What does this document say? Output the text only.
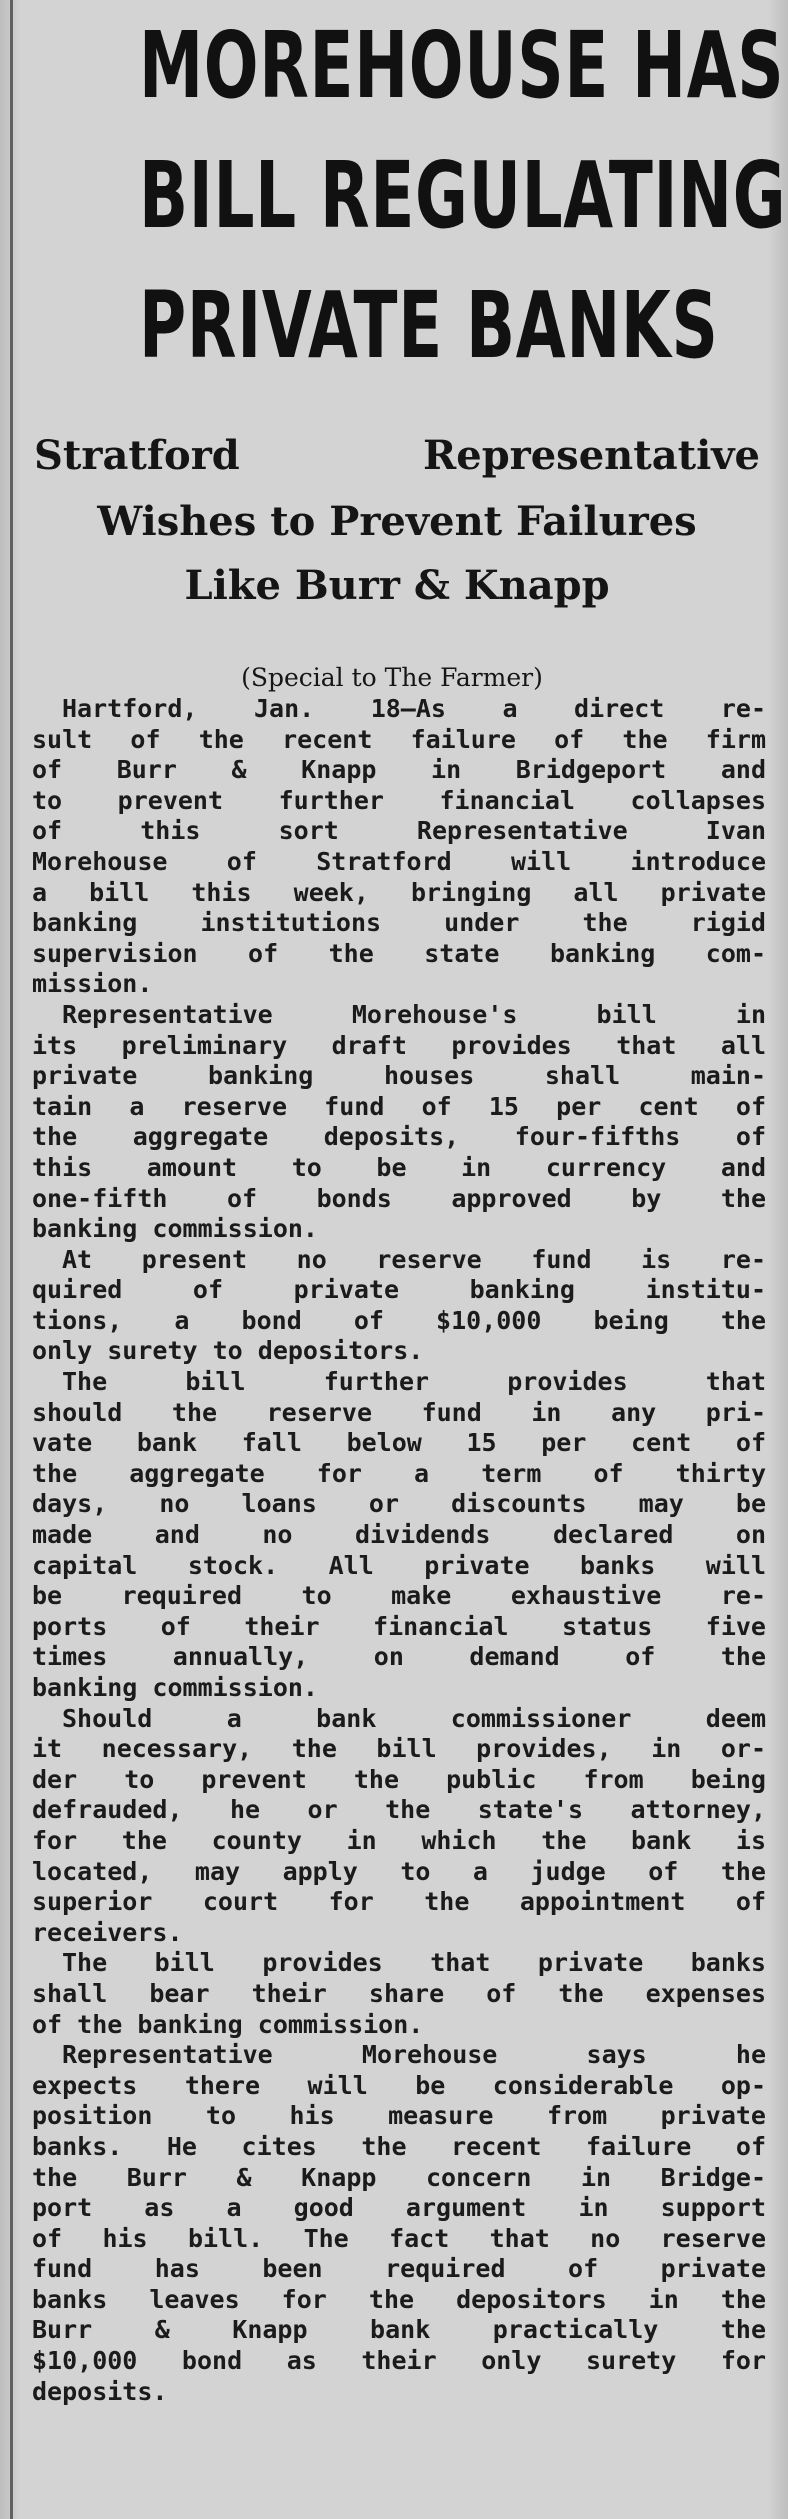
MOREHOUSE HAS
BILL REGULATING
PRIVATE BANKS
Stratford	Representative
Wishes to Prevent Failures
Like Burr & Knapp
(Special to The Farmer)
Hartford, Jan. 18—As a direct re-
sult of the recent failure of the firm
of Burr & Knapp in Bridgeport and
to prevent further financial collapses
of this sort Representative Ivan
Morehouse of Stratford will introduce
a bill this week, bringing all private
banking institutions under the rigid
supervision of the state banking com-
mission.
Representative Morehouse's bill in
its preliminary draft provides that all
private banking houses shall main-
tain a reserve fund of 15 per cent of
the aggregate deposits, four-fifths of
this amount to be in currency and
one-fifth of bonds approved by the
banking commission.
At present no reserve fund is re-
quired of private banking institu-
tions, a bond of $10,000 being the
only surety to depositors.
The bill further provides that
should the reserve fund in any pri-
vate bank fall below 15 per cent of
the aggregate for a term of thirty
days, no loans or discounts may be
made and no dividends declared on
capital stock. All private banks will
be required to make exhaustive re-
ports of their financial status five
times annually, on demand of the
banking commission.
Should a bank commissioner deem
it necessary, the bill provides, in or-
der to prevent the public from being
defrauded, he or the state's attorney,
for the county in which the bank is
located, may apply to a judge of the
superior court for the appointment of
receivers.
The bill provides that private banks
shall bear their share of the expenses
of the banking commission.
Representative Morehouse says he
expects there will be considerable op-
position to his measure from private
banks. He cites the recent failure of
the Burr & Knapp concern in Bridge-
port as a good argument in support
of his bill. The fact that no reserve
fund has been required of private
banks leaves for the depositors in the
Burr & Knapp bank practically the
$10,000 bond as their only surety for
deposits.
